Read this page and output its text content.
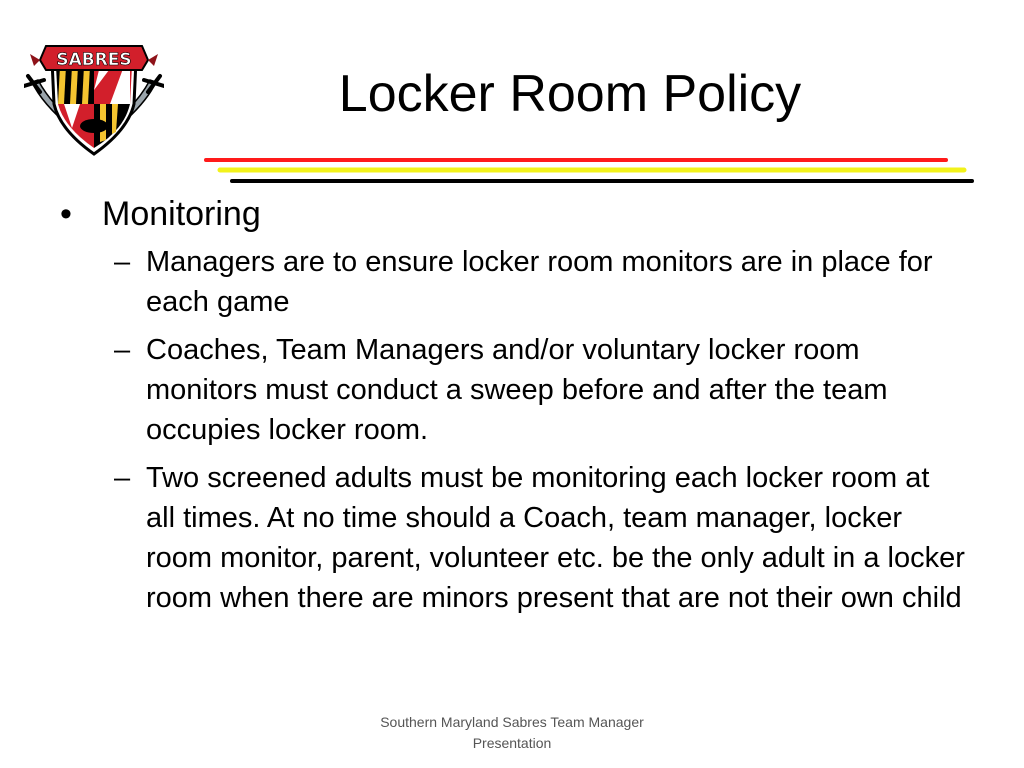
SABRES
Locker Room Policy
• Monitoring
– Managers are to ensure locker room monitors are in place for each game
– Coaches, Team Managers and/or voluntary locker room monitors must conduct a sweep before and after the team occupies locker room.
– Two screened adults must be monitoring each locker room at all times. At no time should a Coach, team manager, locker room monitor, parent, volunteer etc. be the only adult in a locker room when there are minors present that are not their own child
Southern Maryland Sabres Team Manager
Presentation
